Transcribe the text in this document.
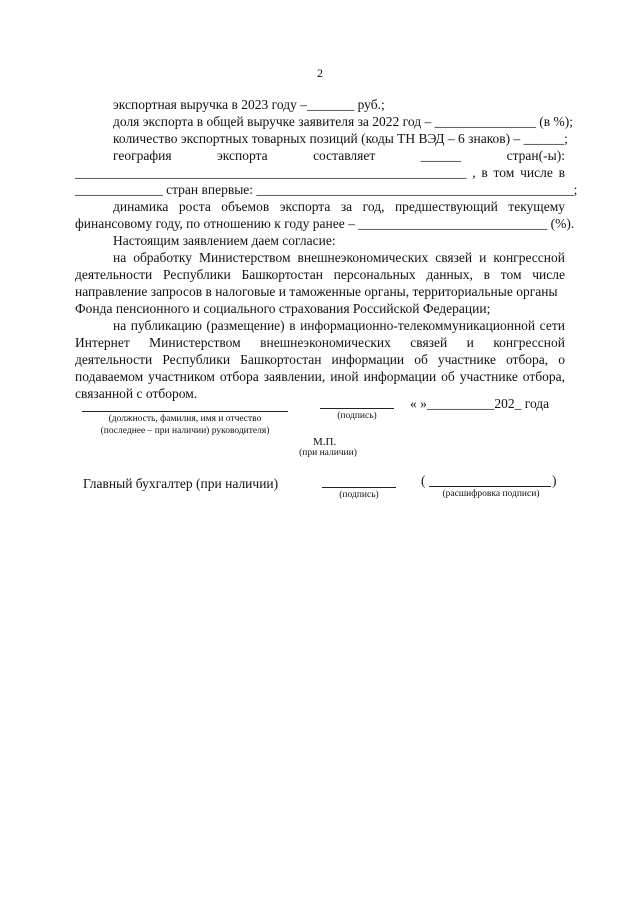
2
экспортная выручка в 2023 году –_______ руб.;
доля экспорта в общей выручке заявителя за 2022 год – _______________ (в %);
количество экспортных товарных позиций (коды ТН ВЭД – 6 знаков) – ______;
география	экспорта	составляет	______	стран(-ы):
__________________________________________________________ , в том числе в
_____________ стран впервые: _______________________________________________;
динамика роста объемов экспорта за год, предшествующий текущему
финансовому году, по отношению к году ранее – ____________________________ (%).
Настоящим заявлением даем согласие:
на обработку Министерством внешнеэкономических связей и конгрессной
деятельности Республики Башкортостан персональных данных, в том числе
направление запросов в налоговые и таможенные органы, территориальные органы
Фонда пенсионного и социального страхования Российской Федерации;
на публикацию (размещение) в информационно-телекоммуникационной сети
Интернет Министерством внешнеэкономических связей и конгрессной
деятельности Республики Башкортостан информации об участнике отбора, о
подаваемом участником отбора заявлении, иной информации об участнике отбора,
связанной с отбором.
(должность, фамилия, имя и отчество
(последнее – при наличии) руководителя)
(подпись)
« »__________202_ года
М.П.
(при наличии)
Главный бухгалтер (при наличии)
(подпись)
(	)
(расшифровка подписи)
